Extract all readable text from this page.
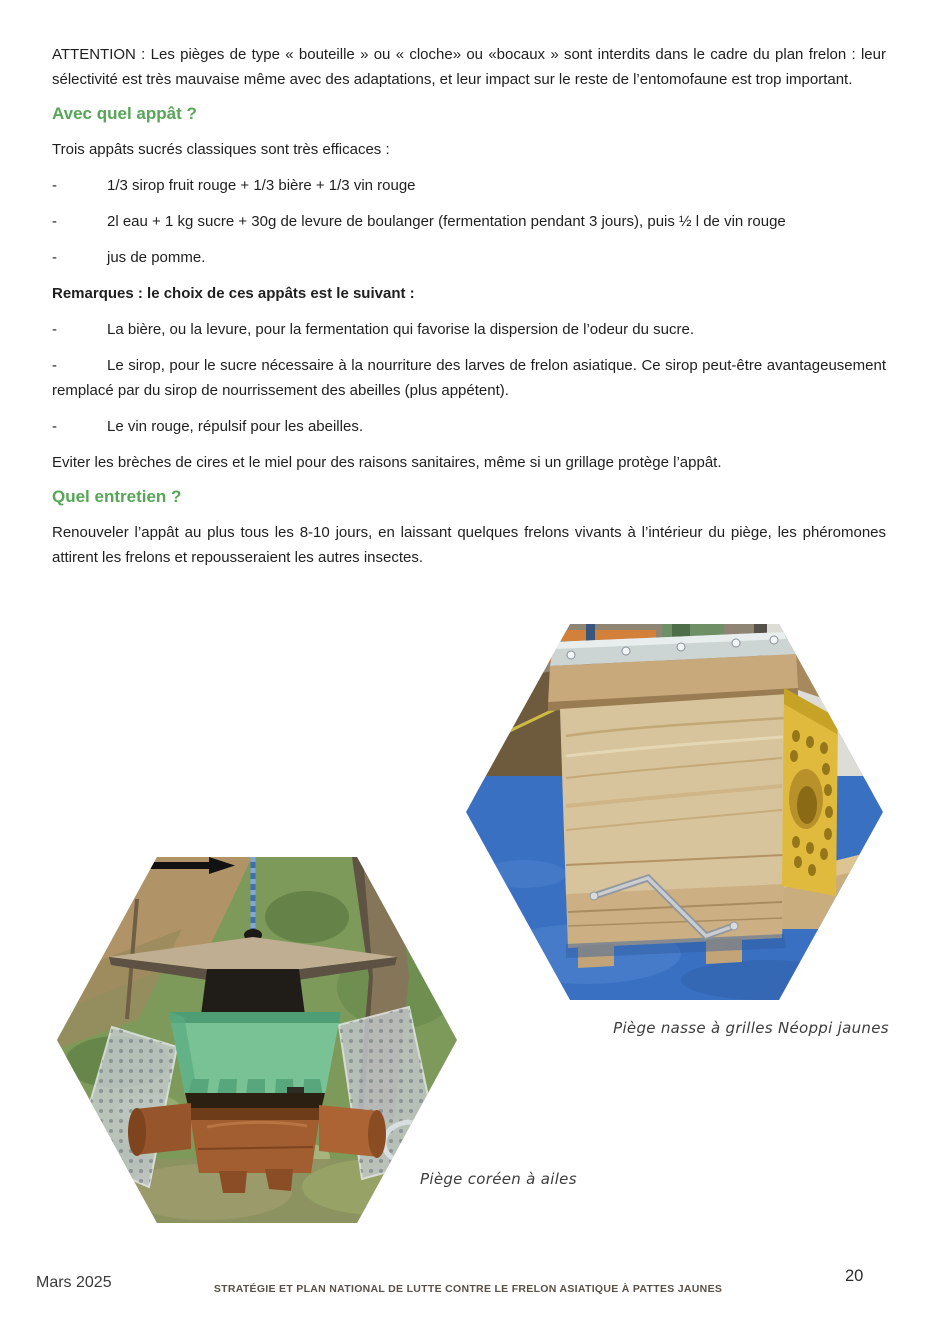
ATTENTION : Les pièges de type « bouteille » ou « cloche» ou «bocaux » sont interdits dans le cadre du plan frelon : leur sélectivité est très mauvaise même avec des adaptations, et leur impact sur le reste de l’entomofaune est trop important.

Avec quel appât ?

Trois appâts sucrés classiques sont très efficaces :

-	1/3 sirop fruit rouge + 1/3 bière + 1/3 vin rouge

-	2l eau + 1 kg sucre + 30g de levure de boulanger (fermentation pendant 3 jours), puis ½ l de vin rouge

-	jus de pomme.

Remarques : le choix de ces appâts est le suivant :

-	La bière, ou la levure, pour la fermentation qui favorise la dispersion de l’odeur du sucre.

-	Le sirop, pour le sucre nécessaire à la nourriture des larves de frelon asiatique. Ce sirop peut-être avantageusement remplacé par du sirop de nourrissement des abeilles (plus appétent).

-	Le vin rouge, répulsif pour les abeilles.

Eviter les brèches de cires et le miel pour des raisons sanitaires, même si un grillage protège l’appât.

Quel entretien ?

Renouveler l’appât au plus tous les 8-10 jours, en laissant quelques frelons vivants à l’intérieur du piège, les phéromones attirent les frelons et repousseraient les autres insectes.

Piège nasse à grilles Néoppi jaunes
Piège coréen à ailes
Mars 2025	STRATÉGIE ET PLAN NATIONAL DE LUTTE CONTRE LE FRELON ASIATIQUE À PATTES JAUNES
20
